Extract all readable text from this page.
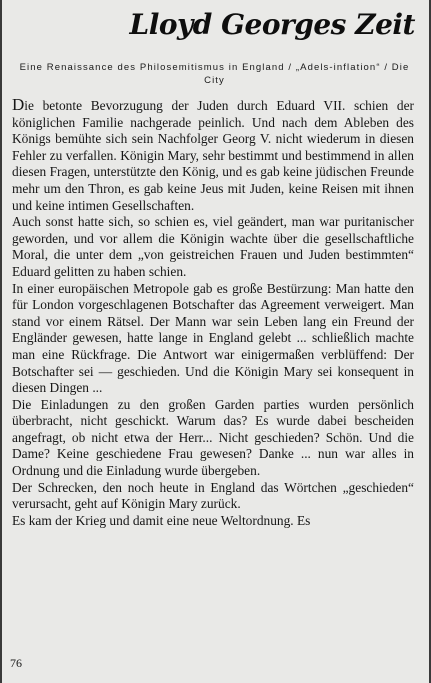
Lloyd Georges Zeit
Eine Renaissance des Philosemitismus in England / „Adels-inflation“ / Die City

Die betonte Bevorzugung der Juden durch Eduard VII. schien der königlichen Familie nachgerade peinlich. Und nach dem Ableben des Königs bemühte sich sein Nachfolger Georg V. nicht wiederum in diesen Fehler zu verfallen. Königin Mary, sehr bestimmt und bestimmend in allen diesen Fragen, unterstützte den König, und es gab keine jüdischen Freunde mehr um den Thron, es gab keine Jeus mit Juden, keine Reisen mit ihnen und keine intimen Gesellschaften.

Auch sonst hatte sich, so schien es, viel geändert, man war puritanischer geworden, und vor allem die Königin wachte über die gesellschaftliche Moral, die unter dem „von geistreichen Frauen und Juden bestimmten“ Eduard gelitten zu haben schien.

In einer europäischen Metropole gab es große Bestürzung: Man hatte den für London vorgeschlagenen Botschafter das Agreement verweigert. Man stand vor einem Rätsel. Der Mann war sein Leben lang ein Freund der Engländer gewesen, hatte lange in England gelebt ... schließlich machte man eine Rückfrage. Die Antwort war einigermaßen verblüffend: Der Botschafter sei — geschieden. Und die Königin Mary sei konsequent in diesen Dingen ...

Die Einladungen zu den großen Garden parties wurden persönlich überbracht, nicht geschickt. Warum das? Es wurde dabei bescheiden angefragt, ob nicht etwa der Herr... Nicht geschieden? Schön. Und die Dame? Keine geschiedene Frau gewesen? Danke ... nun war alles in Ordnung und die Einladung wurde übergeben.

Der Schrecken, den noch heute in England das Wörtchen „geschieden“ verursacht, geht auf Königin Mary zurück.

Es kam der Krieg und damit eine neue Weltordnung. Es

76
